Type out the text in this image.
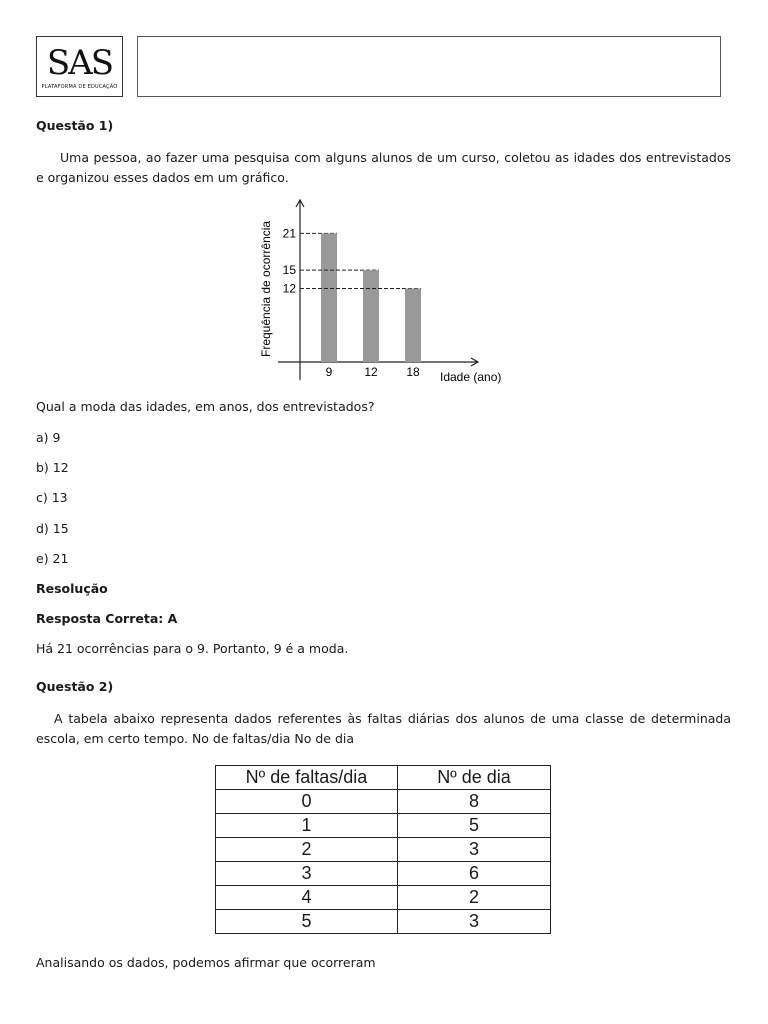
SAS
PLATAFORMA DE EDUCAÇÃO
Questão 1)
Uma pessoa, ao fazer uma pesquisa com alguns alunos de um curso, coletou as idades dos entrevistados e organizou esses dados em um gráfico.
21
9
15
12
12
18
Frequência de ocorrência
Idade (ano)
Qual a moda das idades, em anos, dos entrevistados?
a) 9
b) 12
c) 13
d) 15
e) 21
Resolução
Resposta Correta: A
Há 21 ocorrências para o 9. Portanto, 9 é a moda.
Questão 2)
A tabela abaixo representa dados referentes às faltas diárias dos alunos de uma classe de determinada escola, em certo tempo. No de faltas/dia No de dia
Nº de faltas/dia	Nº de dia
0	8
1	5
2	3
3	6
4	2
5	3
Analisando os dados, podemos afirmar que ocorreram
